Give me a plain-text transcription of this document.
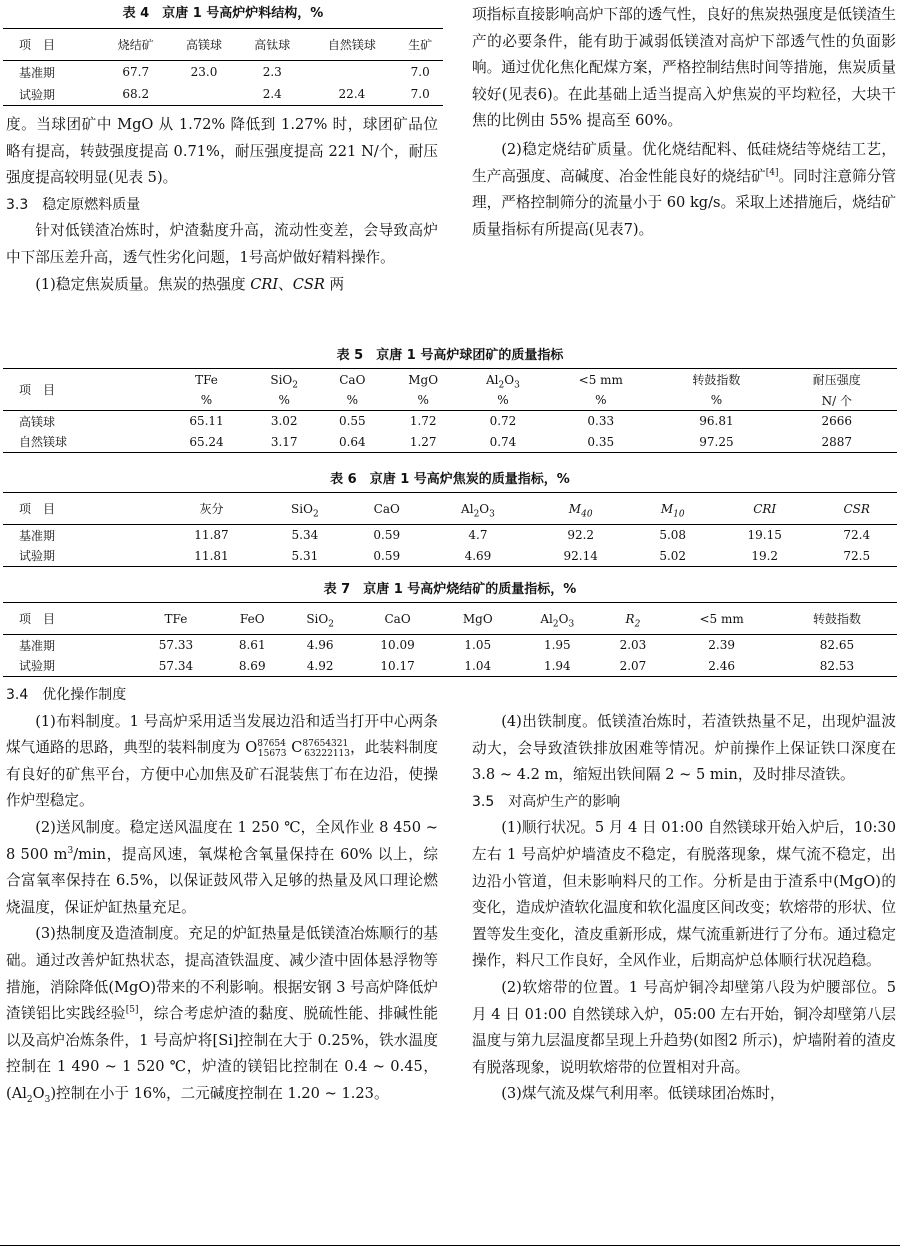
表 4　京唐 1 号高炉炉料结构，%
项　目	烧结矿	高镁球	高钛球	自然镁球	生矿
基准期	67.7	23.0	2.3		7.0
试验期	68.2		2.4	22.4	7.0

度。当球团矿中 MgO 从 1.72% 降低到 1.27% 时，球团矿品位略有提高，转鼓强度提高 0.71%，耐压强度提高 221 N/个，耐压强度提高较明显(见表 5)。

3.3　稳定原燃料质量

针对低镁渣冶炼时，炉渣黏度升高，流动性变差，会导致高炉中下部压差升高，透气性劣化问题，1号高炉做好精料操作。

(1)稳定焦炭质量。焦炭的热强度 CRI、CSR 两

项指标直接影响高炉下部的透气性，良好的焦炭热强度是低镁渣生产的必要条件，能有助于减弱低镁渣对高炉下部透气性的负面影响。通过优化焦化配煤方案，严格控制结焦时间等措施，焦炭质量较好(见表6)。在此基础上适当提高入炉焦炭的平均粒径，大块干焦的比例由 55% 提高至 60%。

(2)稳定烧结矿质量。优化烧结配料、低硅烧结等烧结工艺，生产高强度、高碱度、冶金性能良好的烧结矿[4]。同时注意筛分管理，严格控制筛分的流量小于 60 kg/s。采取上述措施后，烧结矿质量指标有所提高(见表7)。

表 5　京唐 1 号高炉球团矿的质量指标
项　目	TFe	SiO$_2$	CaO	MgO	$Al_2O_3$	<5 mm	转鼓指数	耐压强度
	%	%	%	%	%	%	%	N/ 个
高镁球	65.11	3.02	0.55	1.72	0.72	0.33	96.81	2666
自然镁球	65.24	3.17	0.64	1.27	0.74	0.35	97.25	2887
表 6　京唐 1 号高炉焦炭的质量指标，%
项　目	灰分	SiO$_2$	CaO	$Al_2O_3$	$M_{40}$	$M_{10}$	CRI	CSR
基准期	11.87	5.34	0.59	4.7	92.2	5.08	19.15	72.4
试验期	11.81	5.31	0.59	4.69	92.14	5.02	19.2	72.5
表 7　京唐 1 号高炉烧结矿的质量指标，%
项　目	TFe	FeO	SiO$_2$	CaO	MgO	$Al_2O_3$	$R_2$	<5 mm	转鼓指数
基准期	57.33	8.61	4.96	10.09	1.05	1.95	2.03	2.39	82.65
试验期	57.34	8.69	4.92	10.17	1.04	1.94	2.07	2.46	82.53

3.4　优化操作制度

(1)布料制度。1 号高炉采用适当发展边沿和适当打开中心两条煤气通路的思路，典型的装料制度为 $O^{87654}_{15673}$ $C^{87654321}_{63222113}$，此装料制度有良好的矿焦平台，方便中心加焦及矿石混装焦丁布在边沿，使操作炉型稳定。

(2)送风制度。稳定送风温度在 1 250 ℃，全风作业 8 450 ~ 8 500 $m^3/\min$，提高风速，氧煤枪含氧量保持在 60% 以上，综合富氧率保持在 6.5%，以保证鼓风带入足够的热量及风口理论燃烧温度，保证炉缸热量充足。

(3)热制度及造渣制度。充足的炉缸热量是低镁渣冶炼顺行的基础。通过改善炉缸热状态，提高渣铁温度、减少渣中固体悬浮物等措施，消除降低(MgO)带来的不利影响。根据安钢 3 号高炉降低炉渣镁铝比实践经验[5]，综合考虑炉渣的黏度、脱硫性能、排碱性能以及高炉冶炼条件，1 号高炉将[Si]控制在大于 0.25%，铁水温度控制在 1 490 ~ 1 520 ℃，炉渣的镁铝比控制在 0.4 ~ 0.45，$(Al_2O_3)$控制在小于 16%，二元碱度控制在 1.20 ~ 1.23。

(4)出铁制度。低镁渣冶炼时，若渣铁热量不足，出现炉温波动大，会导致渣铁排放困难等情况。炉前操作上保证铁口深度在 3.8 ~ 4.2 m，缩短出铁间隔 2 ~ 5 min，及时排尽渣铁。

3.5　对高炉生产的影响

(1)顺行状况。5 月 4 日 01:00 自然镁球开始入炉后，10:30 左右 1 号高炉炉墙渣皮不稳定，有脱落现象，煤气流不稳定，出边沿小管道，但未影响料尺的工作。分析是由于渣系中(MgO)的变化，造成炉渣软化温度和软化温度区间改变；软熔带的形状、位置等发生变化，渣皮重新形成，煤气流重新进行了分布。通过稳定操作，料尺工作良好，全风作业，后期高炉总体顺行状况趋稳。

(2)软熔带的位置。1 号高炉铜冷却壁第八段为炉腰部位。5 月 4 日 01:00 自然镁球入炉，05:00 左右开始，铜冷却壁第八层温度与第九层温度都呈现上升趋势(如图2 所示)，炉墙附着的渣皮有脱落现象，说明软熔带的位置相对升高。

(3)煤气流及煤气利用率。低镁球团冶炼时，
